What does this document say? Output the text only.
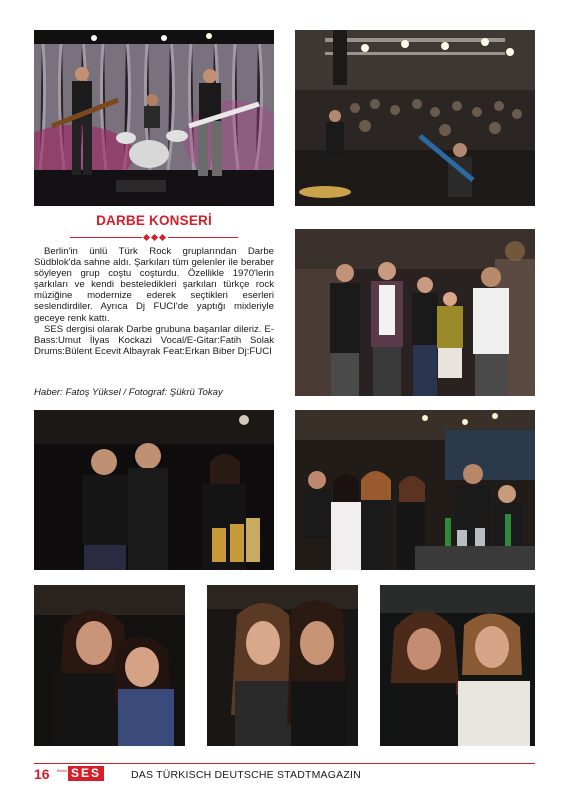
DARBE KONSERİ

Berlin'in ünlü Türk Rock gruplarından Darbe Südblok'da sahne aldı. Şarkıları tüm gelenler ile beraber söyleyen grup coştu coşturdu. Özellikle 1970'lerin şarkıları ve kendi besteledikleri şarkıları türkçe rock müziğine modernize ederek seçtikleri eserleri seslendirdiler. Ayrıca Dj FUCI'de yaptığı mixleriyle geceye renk kattı.

SES dergisi olarak Darbe grubuna başarılar dileriz. E-Bass:Umut İlyas Kockazi Vocal/E-Gitar:Fatih Solak Drums:Bülent Ecevit Albayrak Feat:Erkan Biber Dj:FUCI

Haber: Fatoş Yüksel / Fotograf: Şükrü Tokay
16 Berlin SES	DAS TÜRKISCH DEUTSCHE STADTMAGAZIN
